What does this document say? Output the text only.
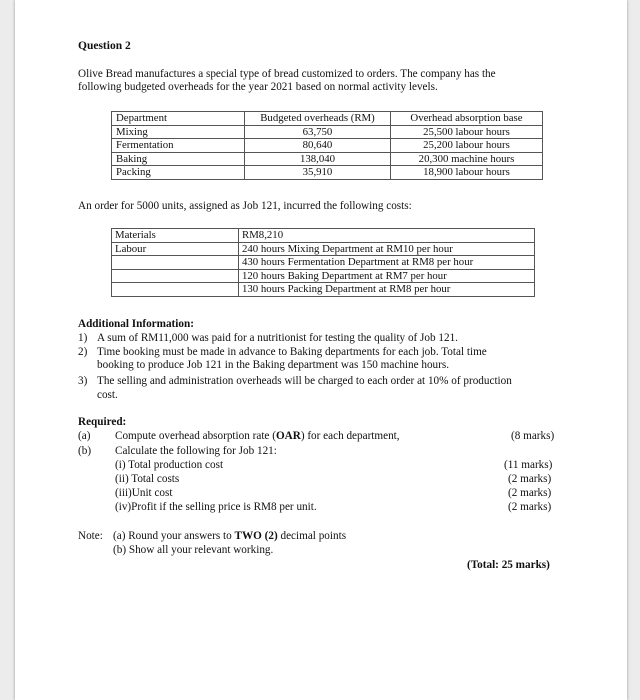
Question 2
Olive Bread manufactures a special type of bread customized to orders. The company has the
following budgeted overheads for the year 2021 based on normal activity levels.
Department	Budgeted overheads (RM)	Overhead absorption base
Mixing	63,750	25,500 labour hours
Fermentation	80,640	25,200 labour hours
Baking	138,040	20,300 machine hours
Packing	35,910	18,900 labour hours
An order for 5000 units, assigned as Job 121, incurred the following costs:
Materials	RM8,210
Labour	240 hours Mixing Department at RM10 per hour
	430 hours Fermentation Department at RM8 per hour
	120 hours Baking Department at RM7 per hour
	130 hours Packing Department at RM8 per hour
Additional Information:
1) A sum of RM11,000 was paid for a nutritionist for testing the quality of Job 121.
2) Time booking must be made in advance to Baking departments for each job. Total time
booking to produce Job 121 in the Baking department was 150 machine hours.
3) The selling and administration overheads will be charged to each order at 10% of production
cost.
Required:
(a) Compute overhead absorption rate (OAR) for each department,	(8 marks)
(b) Calculate the following for Job 121:
(i) Total production cost	(11 marks)
(ii) Total costs	(2 marks)
(iii)Unit cost	(2 marks)
(iv)Profit if the selling price is RM8 per unit.	(2 marks)
Note: (a) Round your answers to TWO (2) decimal points
(b) Show all your relevant working.
(Total: 25 marks)
